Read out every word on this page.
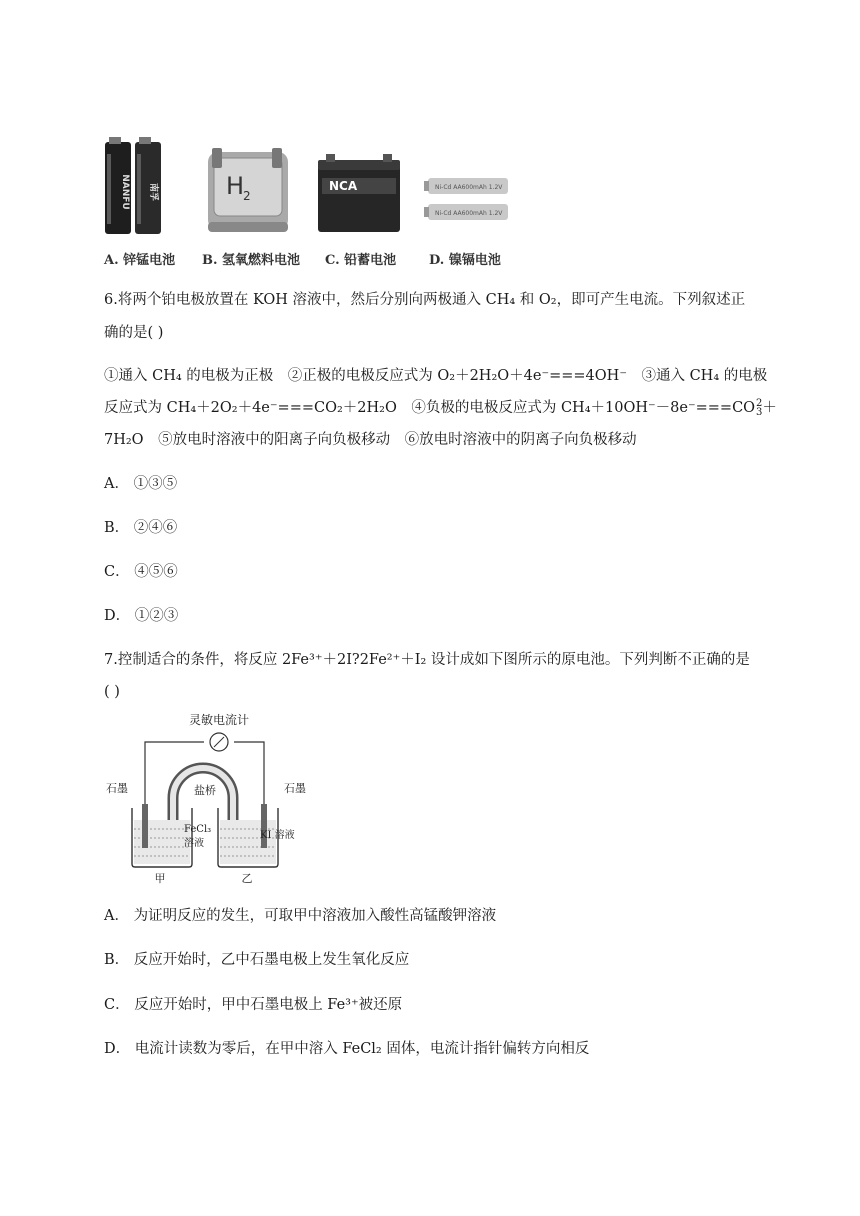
NANFU 南孚	H
2
NCA	Ni-Cd AA600mAh 1.2V
Ni-Cd AA600mAh 1.2V
A. 锌锰电池 B. 氢氧燃料电池 C. 铅蓄电池	D. 镍镉电池
6.将两个铂电极放置在 KOH 溶液中，然后分别向两极通入 CH₄ 和 O₂，即可产生电流。下列叙述正
确的是( )
①通入 CH₄ 的电极为正极　②正极的电极反应式为 O₂＋2H₂O＋4e⁻===4OH⁻　③通入 CH₄ 的电极
反应式为 CH₄＋2O₂＋4e⁻===CO₂＋2H₂O　④负极的电极反应式为 CH₄＋10OH⁻－8e⁻===CO 2
3 ＋
7H₂O　⑤放电时溶液中的阳离子向负极移动　⑥放电时溶液中的阴离子向负极移动
A． ①③⑤
B． ②④⑥
C． ④⑤⑥
D． ①②③
7.控制适合的条件，将反应 2Fe³⁺＋2I?2Fe²⁺＋I₂ 设计成如下图所示的原电池。下列判断不正确的是
( )
灵敏电流计
盐桥
石墨	石墨
FeCl₃
溶液
KI 溶液
甲	乙
A． 为证明反应的发生，可取甲中溶液加入酸性高锰酸钾溶液
B． 反应开始时，乙中石墨电极上发生氧化反应
C． 反应开始时，甲中石墨电极上 Fe³⁺被还原
D． 电流计读数为零后，在甲中溶入 FeCl₂ 固体，电流计指针偏转方向相反
